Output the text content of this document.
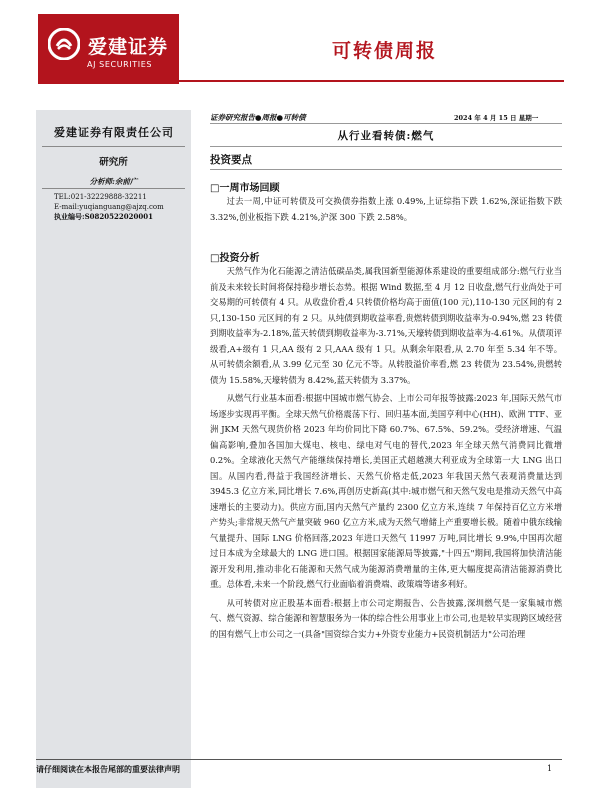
爱建证券
AJ SECURITIES
可转债周报
爱建证券有限责任公司
研究所
分析师:余前广
TEL:021-32229888-32211
E-mail:yuqianguang@ajzq.com
执业编号:S0820522020001
证券研究报告●周报●可转债	2024 年 4 月 15 日 星期一
从行业看转债:燃气
投资要点
□一周市场回顾

过去一周,中证可转债及可交换债券指数上涨 0.49%,上证综指下跌 1.62%,深证指数下跌 3.32%,创业板指下跌 4.21%,沪深 300 下跌 2.58%。

□投资分析

天然气作为化石能源之清洁低碳品类,属我国新型能源体系建设的重要组成部分:燃气行业当前及未来较长时间将保持稳步增长态势。根据 Wind 数据,至 4 月 12 日收盘,燃气行业尚处于可交易期的可转债有 4 只。从收盘价看,4 只转债价格均高于面值(100 元),110-130 元区间的有 2 只,130-150 元区间的有 2 只。从纯债到期收益率看,贵燃转债到期收益率为-0.94%,燃 23 转债到期收益率为-2.18%,蓝天转债到期收益率为-3.71%,天壕转债到期收益率为-4.61%。从债项评级看,A+级有 1 只,AA 级有 2 只,AAA 级有 1 只。从剩余年限看,从 2.70 年至 5.34 年不等。从可转债余额看,从 3.99 亿元至 30 亿元不等。从转股溢价率看,燃 23 转债为 23.54%,贵燃转债为 15.58%,天壕转债为 8.42%,蓝天转债为 3.37%。

从燃气行业基本面看:根据中国城市燃气协会、上市公司年报等披露:2023 年,国际天然气市场逐步实现再平衡。全球天然气价格震荡下行、回归基本面,美国亨利中心(HH)、欧洲 TTF、亚洲 JKM 天然气现货价格 2023 年均价同比下降 60.7%、67.5%、59.2%。受经济增速、气温偏高影响,叠加各国加大煤电、核电、绿电对气电的替代,2023 年全球天然气消费同比微增 0.2%。全球液化天然气产能继续保持增长,美国正式超越澳大利亚成为全球第一大 LNG 出口国。从国内看,得益于我国经济增长、天然气价格走低,2023 年我国天然气表观消费量达到 3945.3 亿立方米,同比增长 7.6%,再创历史新高(其中:城市燃气和天然气发电是推动天然气中高速增长的主要动力)。供应方面,国内天然气产量约 2300 亿立方米,连续 7 年保持百亿立方米增产势头;非常规天然气产量突破 960 亿立方米,成为天然气增储上产重要增长极。随着中俄东线输气量提升、国际 LNG 价格回落,2023 年进口天然气 11997 万吨,同比增长 9.9%,中国再次超过日本成为全球最大的 LNG 进口国。根据国家能源局等披露,"十四五"期间,我国将加快清洁能源开发利用,推动非化石能源和天然气成为能源消费增量的主体,更大幅度提高清洁能源消费比重。总体看,未来一个阶段,燃气行业面临着消费端、政策端等诸多利好。

从可转债对应正股基本面看:根据上市公司定期报告、公告披露,深圳燃气是一家集城市燃气、燃气资源、综合能源和智慧服务为一体的综合性公用事业上市公司,也是较早实现跨区域经营的国有燃气上市公司之一(具备"国资综合实力+外资专业能力+民资机制活力"公司治理

请仔细阅读在本报告尾部的重要法律声明	1
